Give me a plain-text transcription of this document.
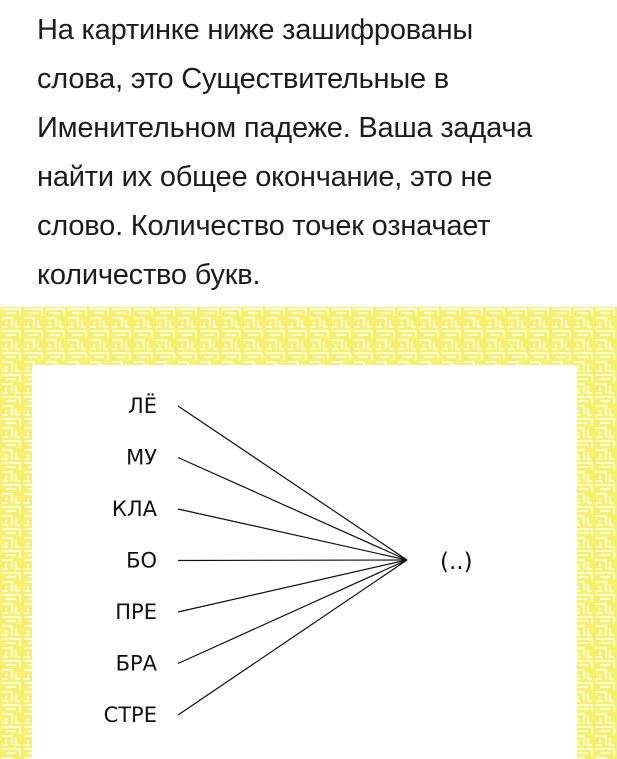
На картинке ниже зашифрованы
слова, это Существительные в
Именительном падеже. Ваша задача
найти их общее окончание, это не
слово. Количество точек означает
количество букв.
ЛЁ
МУ
КЛА
БО
ПРЕ
БРА
СТРЕ
(..)
